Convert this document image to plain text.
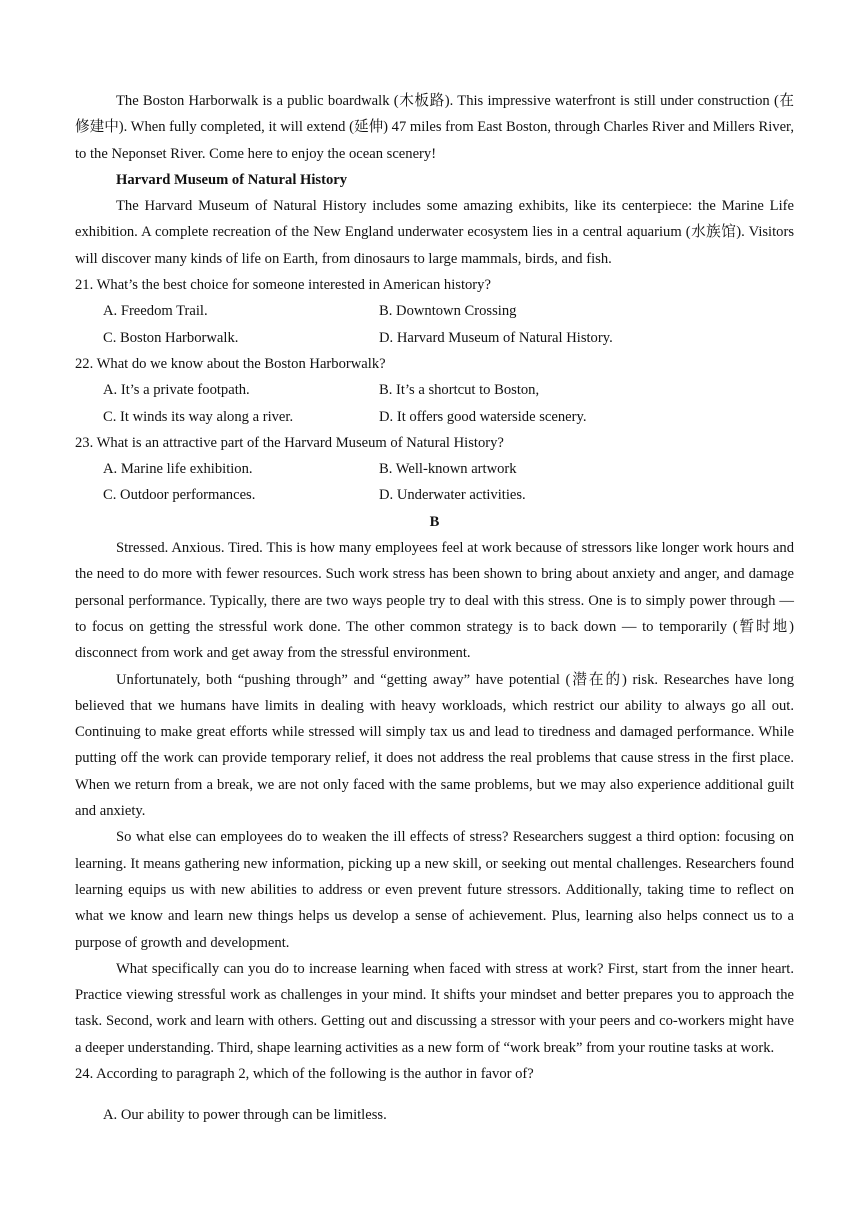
The Boston Harborwalk is a public boardwalk (木板路). This impressive waterfront is still under construction (在修建中). When fully completed, it will extend (延伸) 47 miles from East Boston, through Charles River and Millers River, to the Neponset River. Come here to enjoy the ocean scenery!

Harvard Museum of Natural History

The Harvard Museum of Natural History includes some amazing exhibits, like its centerpiece: the Marine Life exhibition. A complete recreation of the New England underwater ecosystem lies in a central aquarium (水族馆). Visitors will discover many kinds of life on Earth, from dinosaurs to large mammals, birds, and fish.

21. What’s the best choice for someone interested in American history?

A. Freedom Trail.	B. Downtown Crossing
C. Boston Harborwalk.	D. Harvard Museum of Natural History.

22. What do we know about the Boston Harborwalk?

A. It’s a private footpath.	B. It’s a shortcut to Boston,
C. It winds its way along a river.	D. It offers good waterside scenery.

23. What is an attractive part of the Harvard Museum of Natural History?

A. Marine life exhibition.	B. Well-known artwork
C. Outdoor performances.	D. Underwater activities.

B

Stressed. Anxious. Tired. This is how many employees feel at work because of stressors like longer work hours and the need to do more with fewer resources. Such work stress has been shown to bring about anxiety and anger, and damage personal performance. Typically, there are two ways people try to deal with this stress. One is to simply power through — to focus on getting the stressful work done. The other common strategy is to back down — to temporarily (暂时地) disconnect from work and get away from the stressful environment.

Unfortunately, both “pushing through” and “getting away” have potential (潜在的) risk. Researches have long believed that we humans have limits in dealing with heavy workloads, which restrict our ability to always go all out. Continuing to make great efforts while stressed will simply tax us and lead to tiredness and damaged performance. While putting off the work can provide temporary relief, it does not address the real problems that cause stress in the first place. When we return from a break, we are not only faced with the same problems, but we may also experience additional guilt and anxiety.

So what else can employees do to weaken the ill effects of stress? Researchers suggest a third option: focusing on learning. It means gathering new information, picking up a new skill, or seeking out mental challenges. Researchers found learning equips us with new abilities to address or even prevent future stressors. Additionally, taking time to reflect on what we know and learn new things helps us develop a sense of achievement. Plus, learning also helps connect us to a purpose of growth and development.

What specifically can you do to increase learning when faced with stress at work? First, start from the inner heart. Practice viewing stressful work as challenges in your mind. It shifts your mindset and better prepares you to approach the task. Second, work and learn with others. Getting out and discussing a stressor with your peers and co-workers might have a deeper understanding. Third, shape learning activities as a new form of “work break” from your routine tasks at work.

24. According to paragraph 2, which of the following is the author in favor of?

A. Our ability to power through can be limitless.
